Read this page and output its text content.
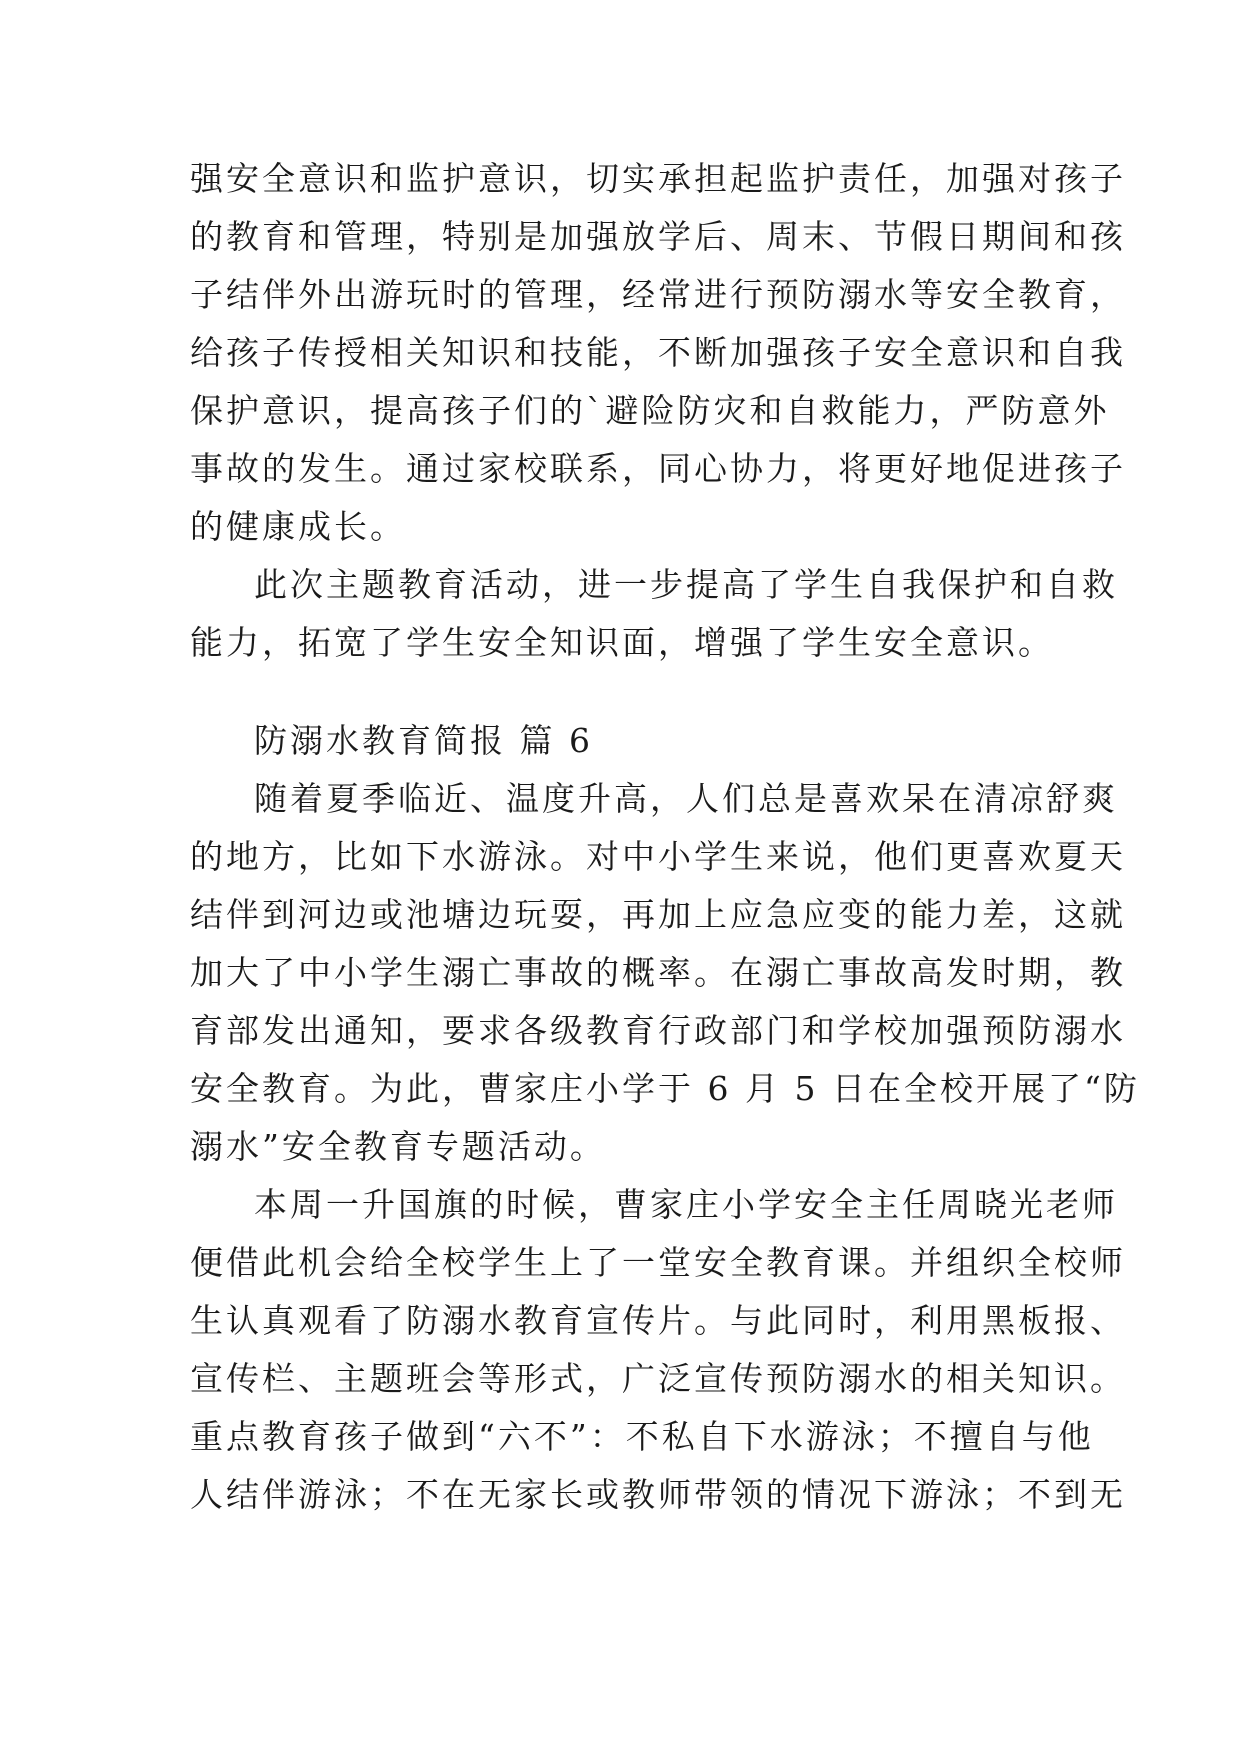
强安全意识和监护意识，切实承担起监护责任，加强对孩子
的教育和管理，特别是加强放学后、周末、节假日期间和孩
子结伴外出游玩时的管理，经常进行预防溺水等安全教育，
给孩子传授相关知识和技能，不断加强孩子安全意识和自我
保护意识，提高孩子们的`避险防灾和自救能力，严防意外
事故的发生。通过家校联系，同心协力，将更好地促进孩子
的健康成长。
此次主题教育活动，进一步提高了学生自我保护和自救
能力，拓宽了学生安全知识面，增强了学生安全意识。
防溺水教育简报 篇 6
随着夏季临近、温度升高，人们总是喜欢呆在清凉舒爽
的地方，比如下水游泳。对中小学生来说，他们更喜欢夏天
结伴到河边或池塘边玩耍，再加上应急应变的能力差，这就
加大了中小学生溺亡事故的概率。在溺亡事故高发时期，教
育部发出通知，要求各级教育行政部门和学校加强预防溺水
安全教育。为此，曹家庄小学于 6 月 5 日在全校开展了“防
溺水”安全教育专题活动。
本周一升国旗的时候，曹家庄小学安全主任周晓光老师
便借此机会给全校学生上了一堂安全教育课。并组织全校师
生认真观看了防溺水教育宣传片。与此同时，利用黑板报、
宣传栏、主题班会等形式，广泛宣传预防溺水的相关知识。
重点教育孩子做到“六不”：不私自下水游泳；不擅自与他
人结伴游泳；不在无家长或教师带领的情况下游泳；不到无
